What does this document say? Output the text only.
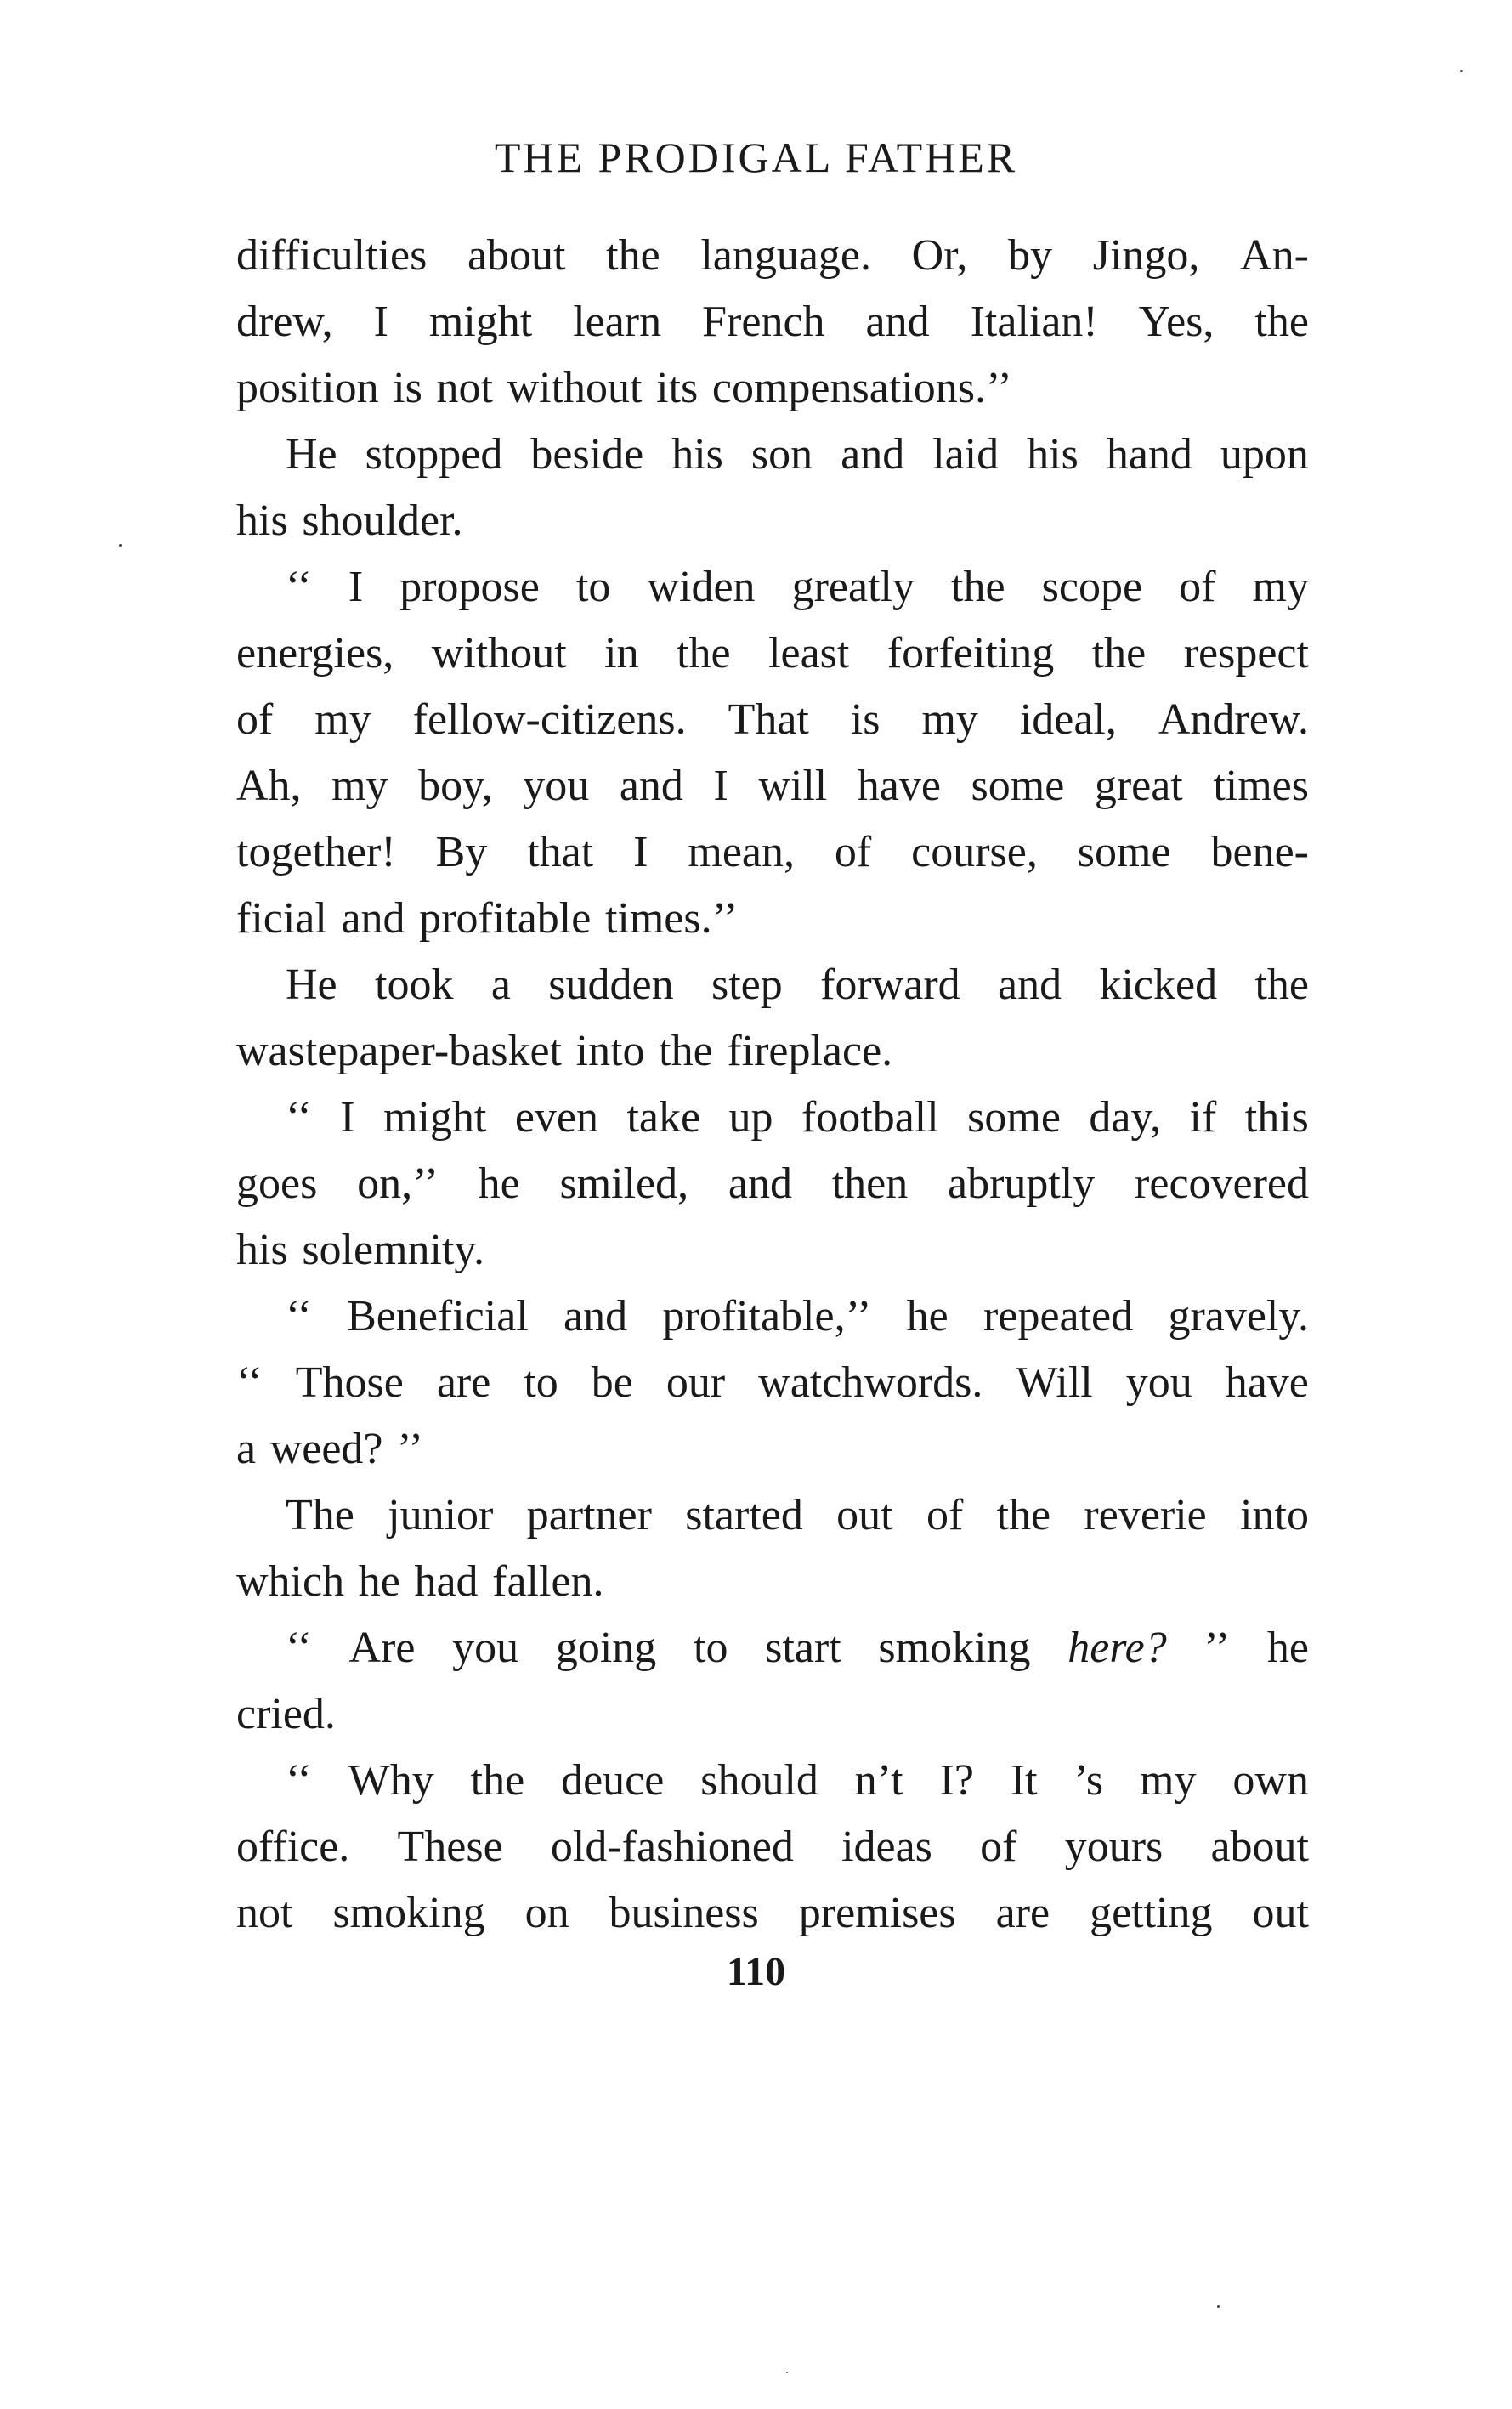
THE PRODIGAL FATHER
difficulties about the language. Or, by Jingo, An-
drew, I might learn French and Italian! Yes, the
position is not without its compensations.’’
He stopped beside his son and laid his hand upon
his shoulder.
‘‘ I propose to widen greatly the scope of my
energies, without in the least forfeiting the respect
of my fellow-citizens. That is my ideal, Andrew.
Ah, my boy, you and I will have some great times
together! By that I mean, of course, some bene-
ficial and profitable times.’’
He took a sudden step forward and kicked the
wastepaper-basket into the fireplace.
‘‘ I might even take up football some day, if this
goes on,’’ he smiled, and then abruptly recovered
his solemnity.
‘‘ Beneficial and profitable,’’ he repeated gravely.
‘‘ Those are to be our watchwords. Will you have
a weed? ’’
The junior partner started out of the reverie into
which he had fallen.
‘‘ Are you going to start smoking here? ’’ he
cried.
‘‘ Why the deuce should n’t I? It ’s my own
office. These old-fashioned ideas of yours about
not smoking on business premises are getting out
110
